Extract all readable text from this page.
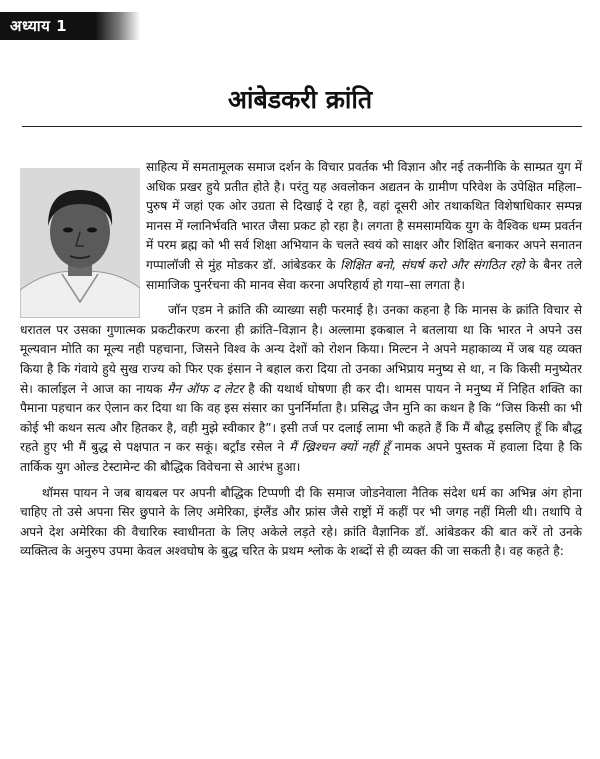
अध्याय 1
आंबेडकरी क्रांति

साहित्य में समतामूलक समाज दर्शन के विचार प्रवर्तक भी विज्ञान और नई तकनीकि के साम्प्रत युग में अधिक प्रखर हुये प्रतीत होते है। परंतु यह अवलोकन अद्यतन के ग्रामीण परिवेश के उपेक्षित महिला–पुरुष में जहां एक ओर उग्रता से दिखाई दे रहा है, वहां दूसरी ओर तथाकथित विशेषाधिकार सम्पन्न मानस में ग्लानिर्भवति भारत जैसा प्रकट हो रहा है। लगता है समसामयिक युग के वैश्विक धम्म प्रवर्तन में परम ब्रह्म को भी सर्व शिक्षा अभियान के चलते स्वयं को साक्षर और शिक्षित बनाकर अपने सनातन गप्पालॉजी से मुंह मोडकर डॉ. आंबेडकर के शिक्षित बनो, संघर्ष करो और संगठित रहो के बैनर तले सामाजिक पुनर्रचना की मानव सेवा करना अपरिहार्य हो गया–सा लगता है।

जॉन एडम ने क्रांति की व्याख्या सही फरमाई है। उनका कहना है कि मानस के क्रांति विचार से धरातल पर उसका गुणात्मक प्रकटीकरण करना ही क्रांति–विज्ञान है। अल्लामा इकबाल ने बतलाया था कि भारत ने अपने उस मूल्यवान मोति का मूल्य नही पहचाना, जिसने विश्व के अन्य देशों को रोशन किया। मिल्टन ने अपने महाकाव्य में जब यह व्यक्त किया है कि गंवाये हुये सुख राज्य को फिर एक इंसान ने बहाल करा दिया तो उनका अभिप्राय मनुष्य से था, न कि किसी मनुष्येतर से। कार्लाइल ने आज का नायक मैन ऑफ द लेटर है की यथार्थ घोषणा ही कर दी। थामस पायन ने मनुष्य में निहित शक्ति का पैमाना पहचान कर ऐलान कर दिया था कि वह इस संसार का पुनर्निर्माता है। प्रसिद्ध जैन मुनि का कथन है कि “जिस किसी का भी कोई भी कथन सत्य और हितकर है, वही मुझे स्वीकार है”। इसी तर्ज पर दलाई लामा भी कहते हैं कि मैं बौद्ध इसलिए हूँ कि बौद्ध रहते हुए भी मैं बुद्ध से पक्षपात न कर सकूं। बर्ट्रांड रसेल ने मैं ख्रिश्चन क्यों नहीं हूँ नामक अपने पुस्तक में हवाला दिया है कि तार्किक युग ओल्ड टेस्टामेन्ट की बौद्धिक विवेचना से आरंभ हुआ।

थॉमस पायन ने जब बायबल पर अपनी बौद्धिक टिप्पणी दी कि समाज जोडनेवाला नैतिक संदेश धर्म का अभिन्न अंग होना चाहिए तो उसे अपना सिर छुपाने के लिए अमेरिका, इंग्लैंड और फ्रांस जैसे राष्ट्रों में कहीं पर भी जगह नहीं मिली थी। तथापि वे अपने देश अमेरिका की वैचारिक स्वाधीनता के लिए अकेले लड़ते रहे। क्रांति वैज्ञानिक डॉ. आंबेडकर की बात करें तो उनके व्यक्तित्व के अनुरुप उपमा केवल अश्वघोष के बुद्ध चरित के प्रथम श्लोक के शब्दों से ही व्यक्त की जा सकती है। वह कहते है:
